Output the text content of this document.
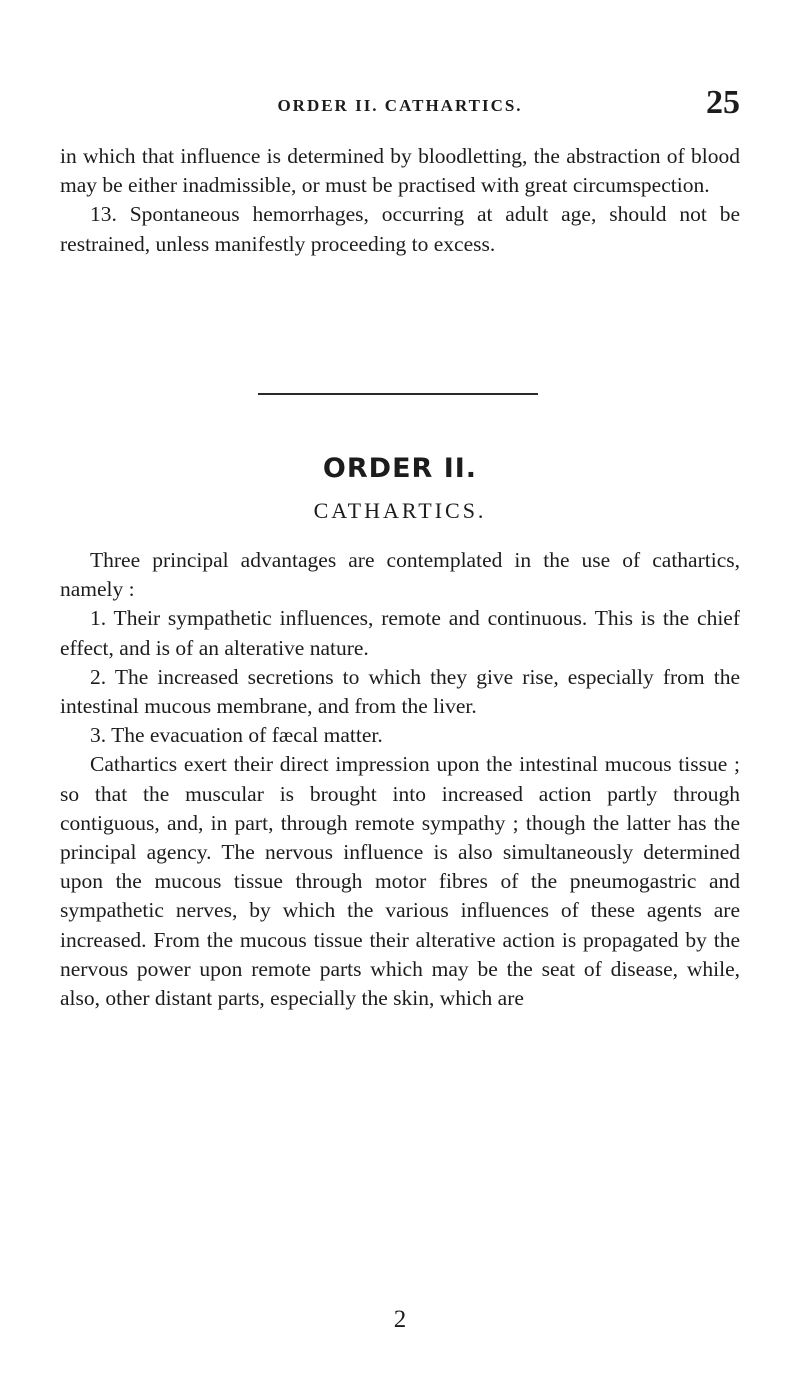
ORDER II. CATHARTICS.	25

in which that influence is determined by bloodletting, the abstraction of blood may be either inadmissible, or must be practised with great circumspection.

13. Spontaneous hemorrhages, occurring at adult age, should not be restrained, unless manifestly proceeding to excess.

ORDER II.
CATHARTICS.

Three principal advantages are contemplated in the use of cathartics, namely :

1. Their sympathetic influences, remote and continuous. This is the chief effect, and is of an alterative nature.

2. The increased secretions to which they give rise, especially from the intestinal mucous membrane, and from the liver.

3. The evacuation of fæcal matter.

Cathartics exert their direct impression upon the intestinal mucous tissue ; so that the muscular is brought into increased action partly through contiguous, and, in part, through remote sympathy ; though the latter has the principal agency. The nervous influence is also simultaneously determined upon the mucous tissue through motor fibres of the pneumogastric and sympathetic nerves, by which the various influences of these agents are increased. From the mucous tissue their alterative action is propagated by the nervous power upon remote parts which may be the seat of disease, while, also, other distant parts, especially the skin, which are

2
